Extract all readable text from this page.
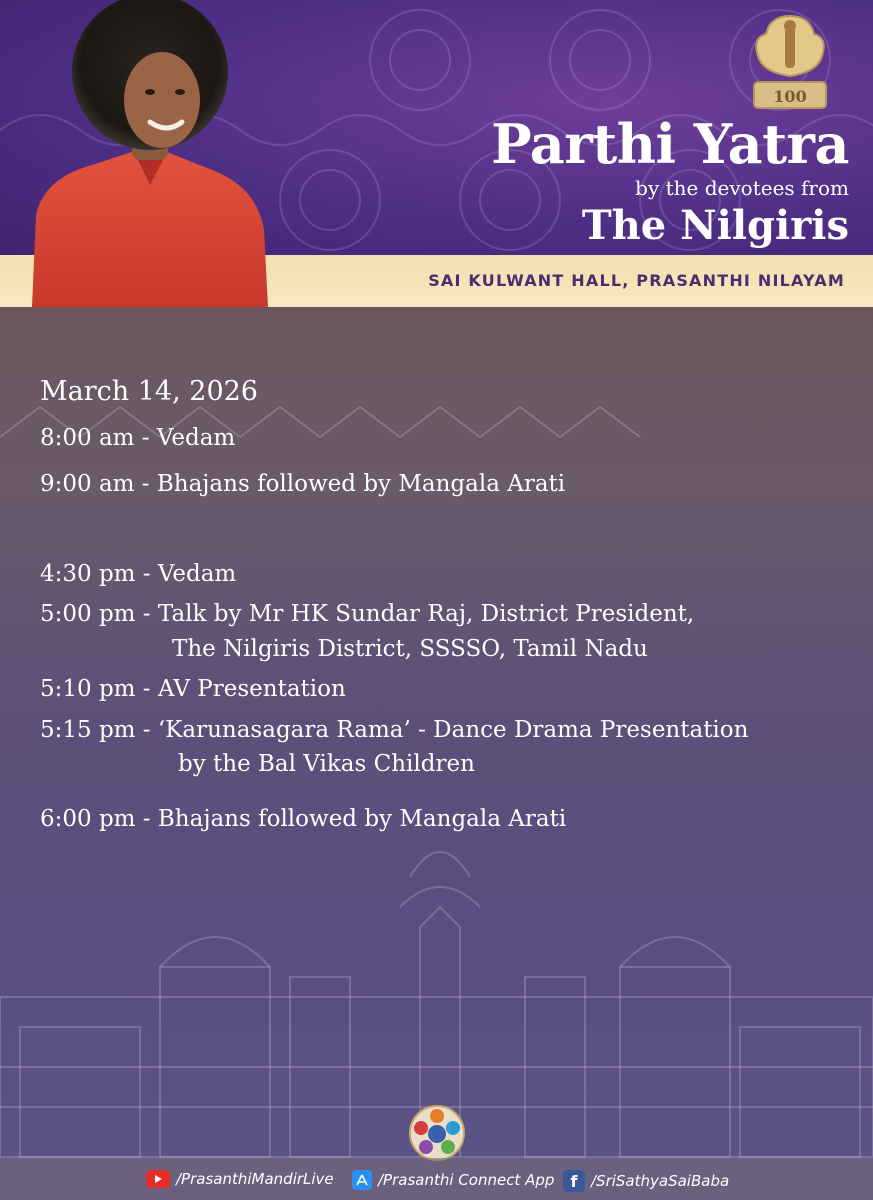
SAI KULWANT HALL, PRASANTHI NILAYAM
100
Parthi Yatra
by the devotees from
The Nilgiris
March 14, 2026
8:00 am - Vedam
9:00 am - Bhajans followed by Mangala Arati
4:30 pm - Vedam
5:00 pm - Talk by Mr HK Sundar Raj, District President,
The Nilgiris District, SSSSO, Tamil Nadu
5:10 pm - AV Presentation
5:15 pm - ‘Karunasagara Rama’ - Dance Drama Presentation
by the Bal Vikas Children
6:00 pm - Bhajans followed by Mangala Arati
/PrasanthiMandirLive	/Prasanthi Connect App	f /SriSathyaSaiBaba
